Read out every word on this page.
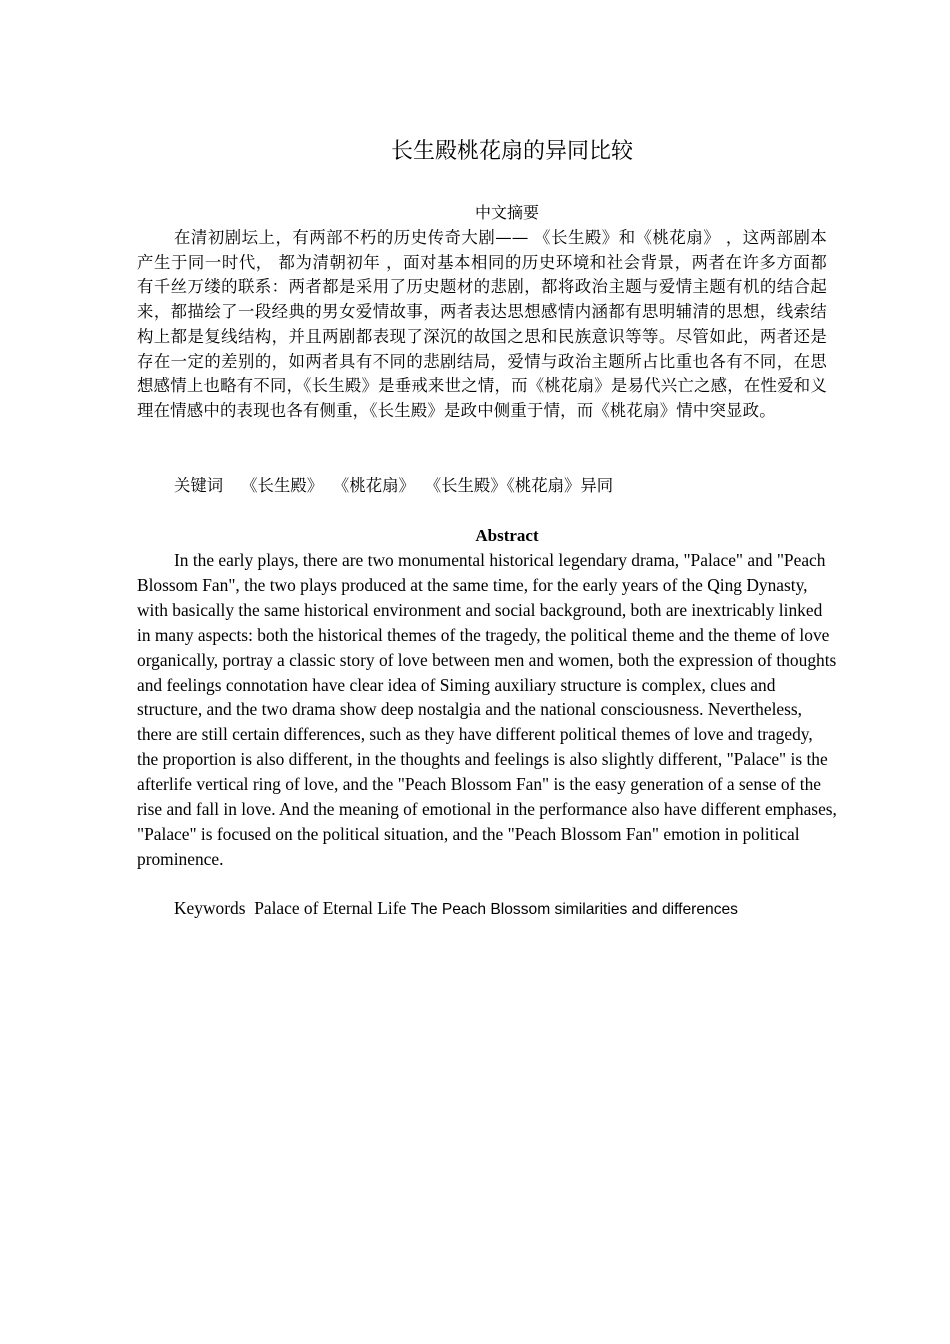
长生殿桃花扇的异同比较
中文摘要

在清初剧坛上，有两部不朽的历史传奇大剧—— 《长生殿》和《桃花扇》 ，这两部剧本产生于同一时代， 都为清朝初年 ，面对基本相同的历史环境和社会背景，两者在许多方面都有千丝万缕的联系：两者都是采用了历史题材的悲剧，都将政治主题与爱情主题有机的结合起来，都描绘了一段经典的男女爱情故事，两者表达思想感情内涵都有思明辅清的思想，线索结构上都是复线结构，并且两剧都表现了深沉的故国之思和民族意识等等。尽管如此，两者还是存在一定的差别的，如两者具有不同的悲剧结局，爱情与政治主题所占比重也各有不同，在思想感情上也略有不同，《长生殿》是垂戒来世之情，而《桃花扇》是易代兴亡之感，在性爱和义理在情感中的表现也各有侧重，《长生殿》是政中侧重于情，而《桃花扇》情中突显政。

关键词 《长生殿》 《桃花扇》 《长生殿》《桃花扇》异同

Abstract

In the early plays, there are two monumental historical legendary drama, "Palace" and "Peach Blossom Fan", the two plays produced at the same time, for the early years of the Qing Dynasty, with basically the same historical environment and social background, both are inextricably linked in many aspects: both the historical themes of the tragedy, the political theme and the theme of love organically, portray a classic story of love between men and women, both the expression of thoughts and feelings connotation have clear idea of Siming auxiliary structure is complex, clues and structure, and the two drama show deep nostalgia and the national consciousness. Nevertheless, there are still certain differences, such as they have different political themes of love and tragedy, the proportion is also different, in the thoughts and feelings is also slightly different, "Palace" is the afterlife vertical ring of love, and the "Peach Blossom Fan" is the easy generation of a sense of the rise and fall in love. And the meaning of emotional in the performance also have different emphases, "Palace" is focused on the political situation, and the "Peach Blossom Fan" emotion in political prominence.

Keywords Palace of Eternal Life The Peach Blossom similarities and differences
